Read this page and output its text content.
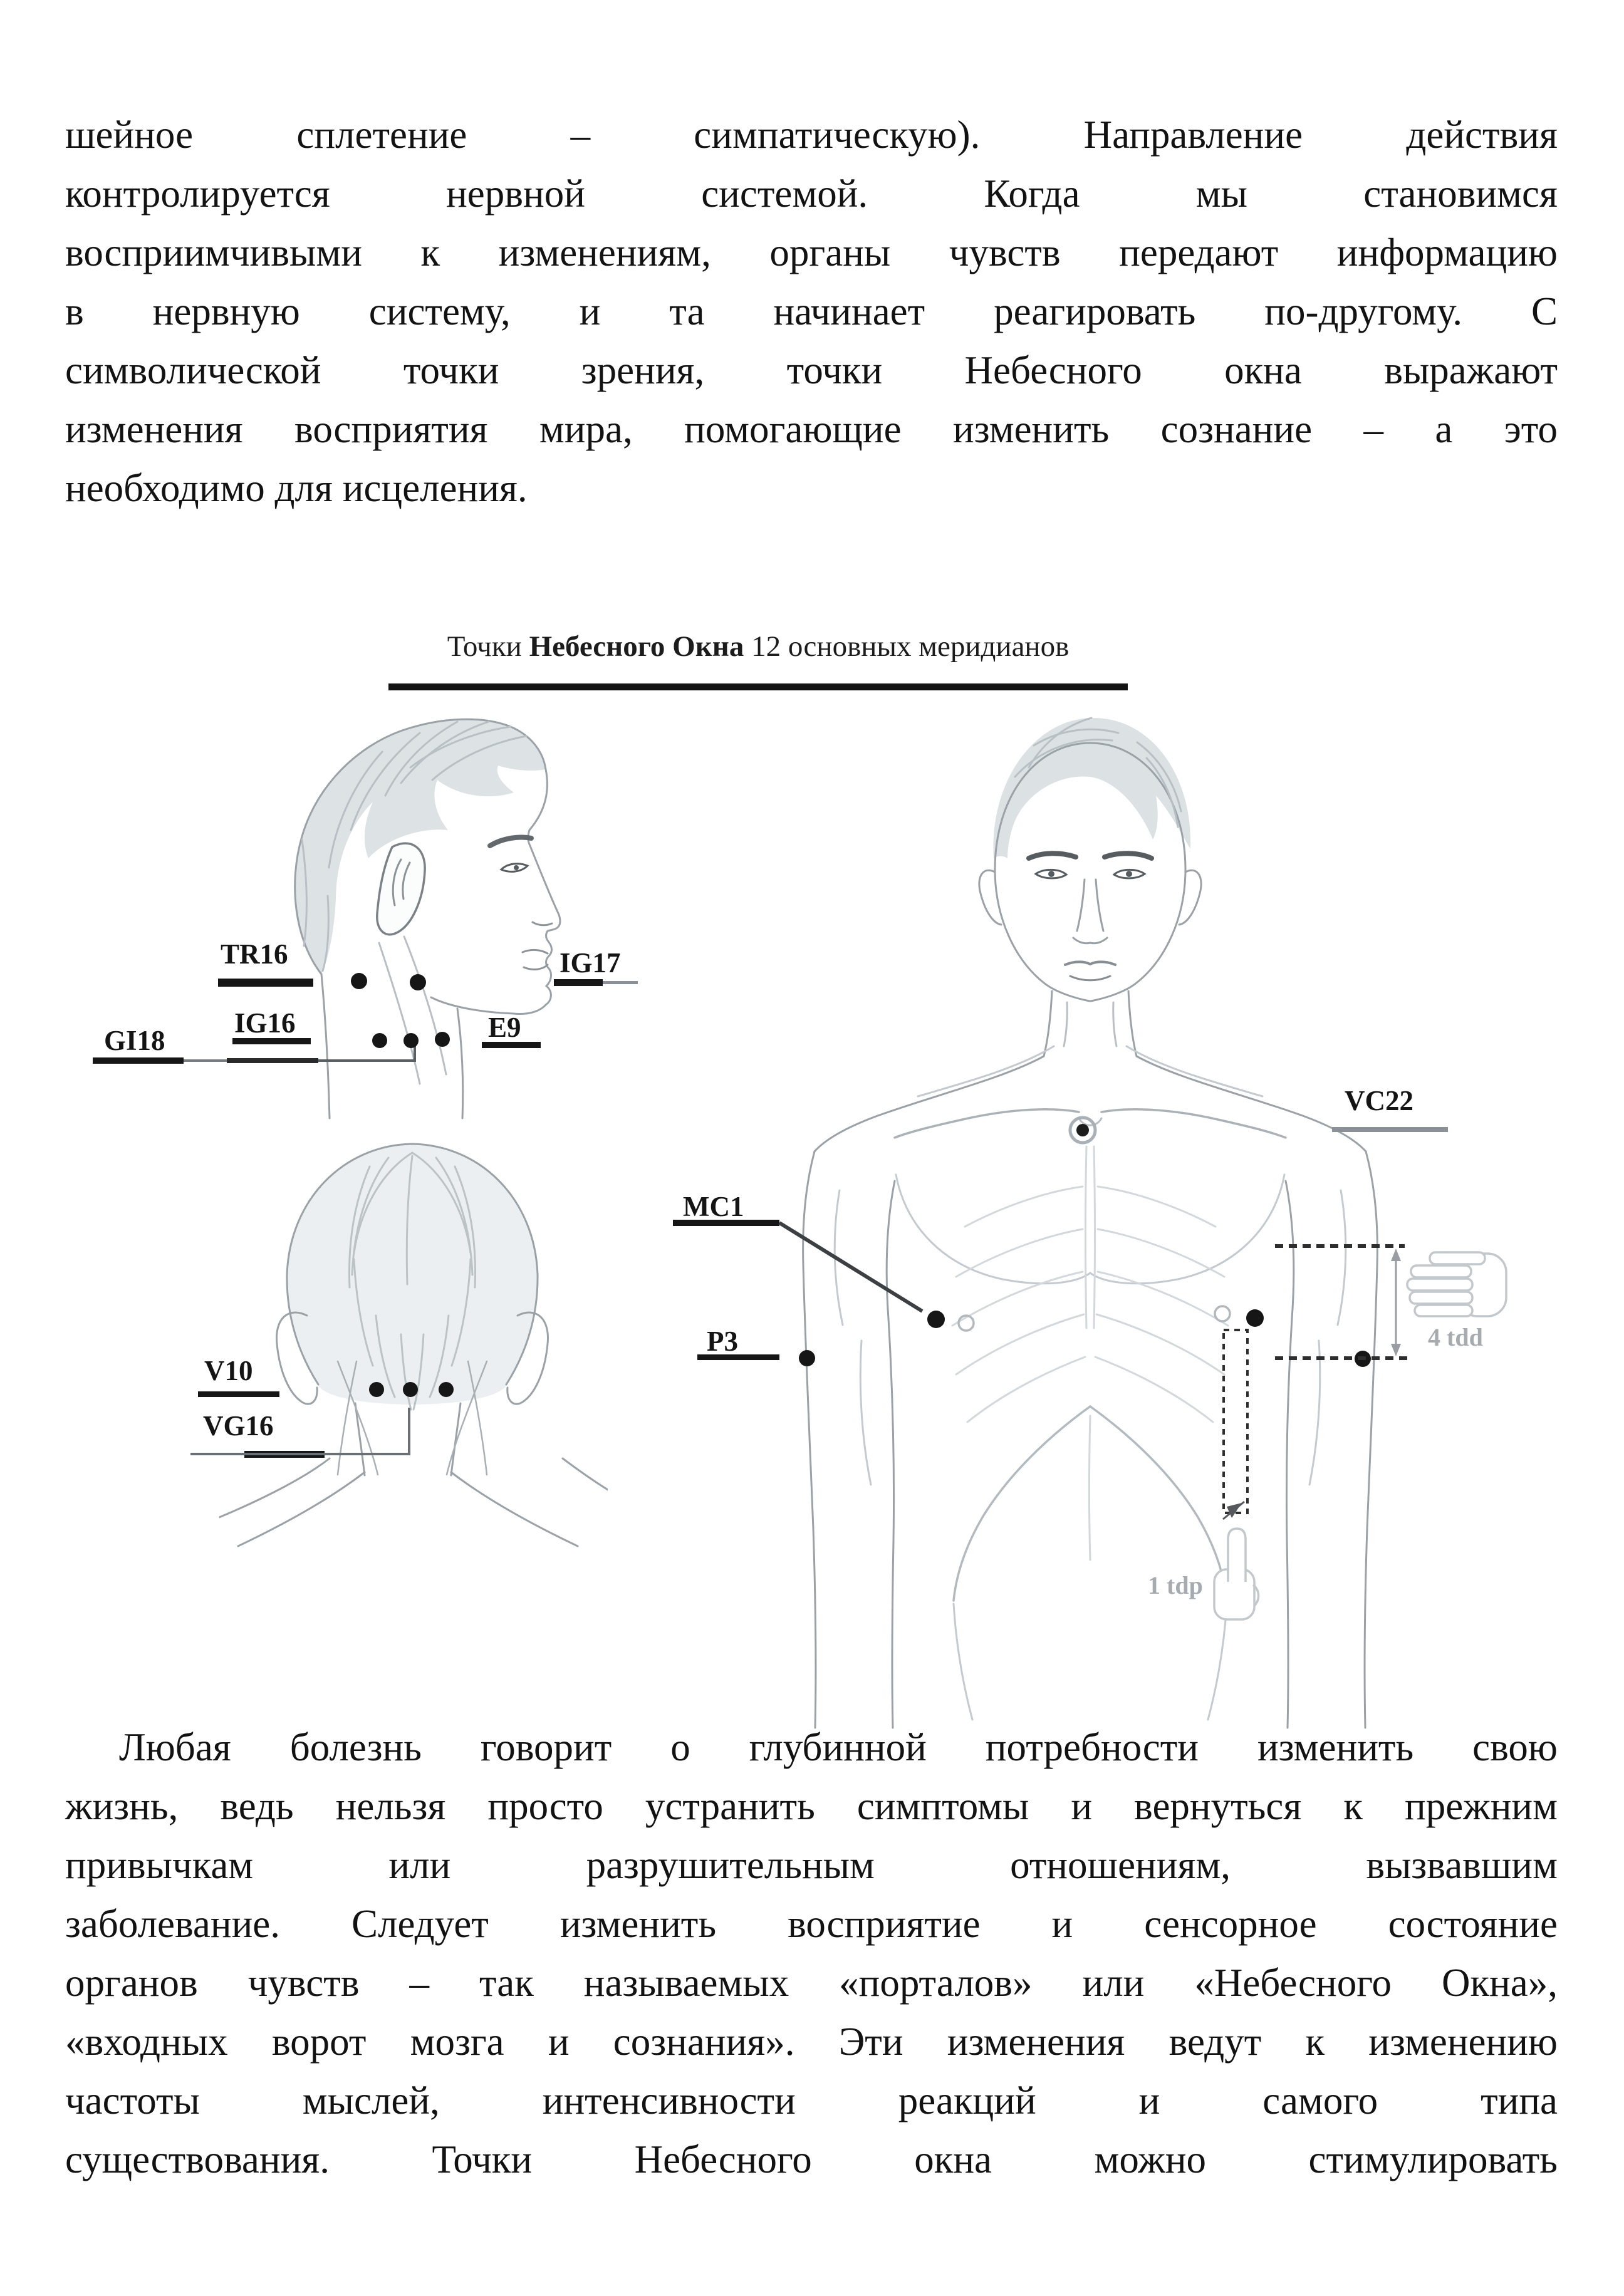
шейное сплетение – симпатическую). Направление действия
контролируется нервной системой. Когда мы становимся
восприимчивыми к изменениям, органы чувств передают информацию
в нервную систему, и та начинает реагировать по-другому. С
символической точки зрения, точки Небесного окна выражают
изменения восприятия мира, помогающие изменить сознание – а это
необходимо для исцеления.
Точки Небесного Окна 12 основных меридианов
TR16	IG17
IG16	E9
GI18
V10
VG16
VC22
MC1
P3	4 tdd
1 tdp
Любая болезнь говорит о глубинной потребности изменить свою
жизнь, ведь нельзя просто устранить симптомы и вернуться к прежним
привычкам или разрушительным отношениям, вызвавшим
заболевание. Следует изменить восприятие и сенсорное состояние
органов чувств – так называемых «порталов» или «Небесного Окна»,
«входных ворот мозга и сознания». Эти изменения ведут к изменению
частоты мыслей, интенсивности реакций и самого типа
существования. Точки Небесного окна можно стимулировать
